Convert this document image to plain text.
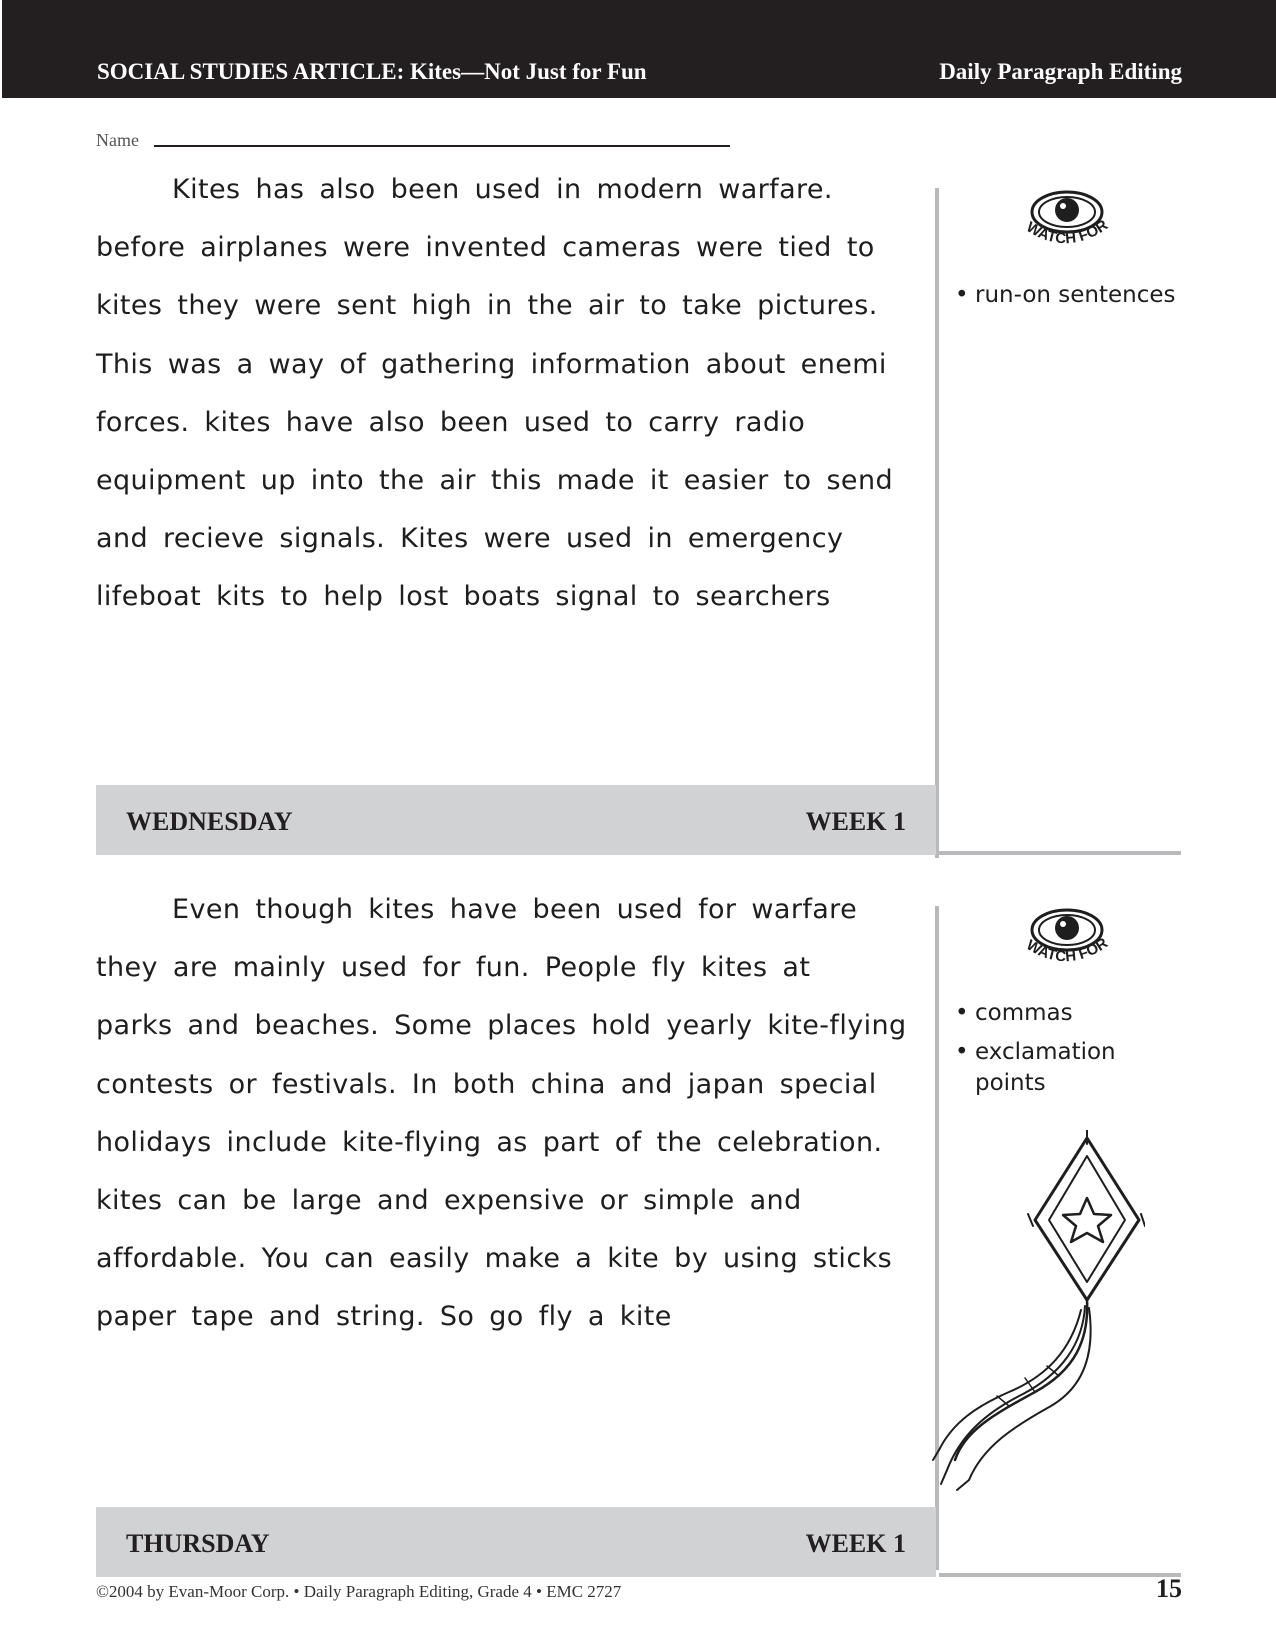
SOCIAL STUDIES ARTICLE: Kites—Not Just for Fun	Daily Paragraph Editing
Name
Kites has also been used in modern warfare.
before airplanes were invented cameras were tied to
kites they were sent high in the air to take pictures.
This was a way of gathering information about enemi
forces. kites have also been used to carry radio
equipment up into the air this made it easier to send
and recieve signals. Kites were used in emergency
lifeboat kits to help lost boats signal to searchers
WATCH FOR
• run-on sentences
WEDNESDAY	WEEK 1
Even though kites have been used for warfare
they are mainly used for fun. People fly kites at
parks and beaches. Some places hold yearly kite-flying
contests or festivals. In both china and japan special
holidays include kite-flying as part of the celebration.
kites can be large and expensive or simple and
affordable. You can easily make a kite by using sticks
paper tape and string. So go fly a kite
WATCH FOR
• commas
• exclamation points
THURSDAY	WEEK 1
©2004 by Evan-Moor Corp. • Daily Paragraph Editing, Grade 4 • EMC 2727	15
